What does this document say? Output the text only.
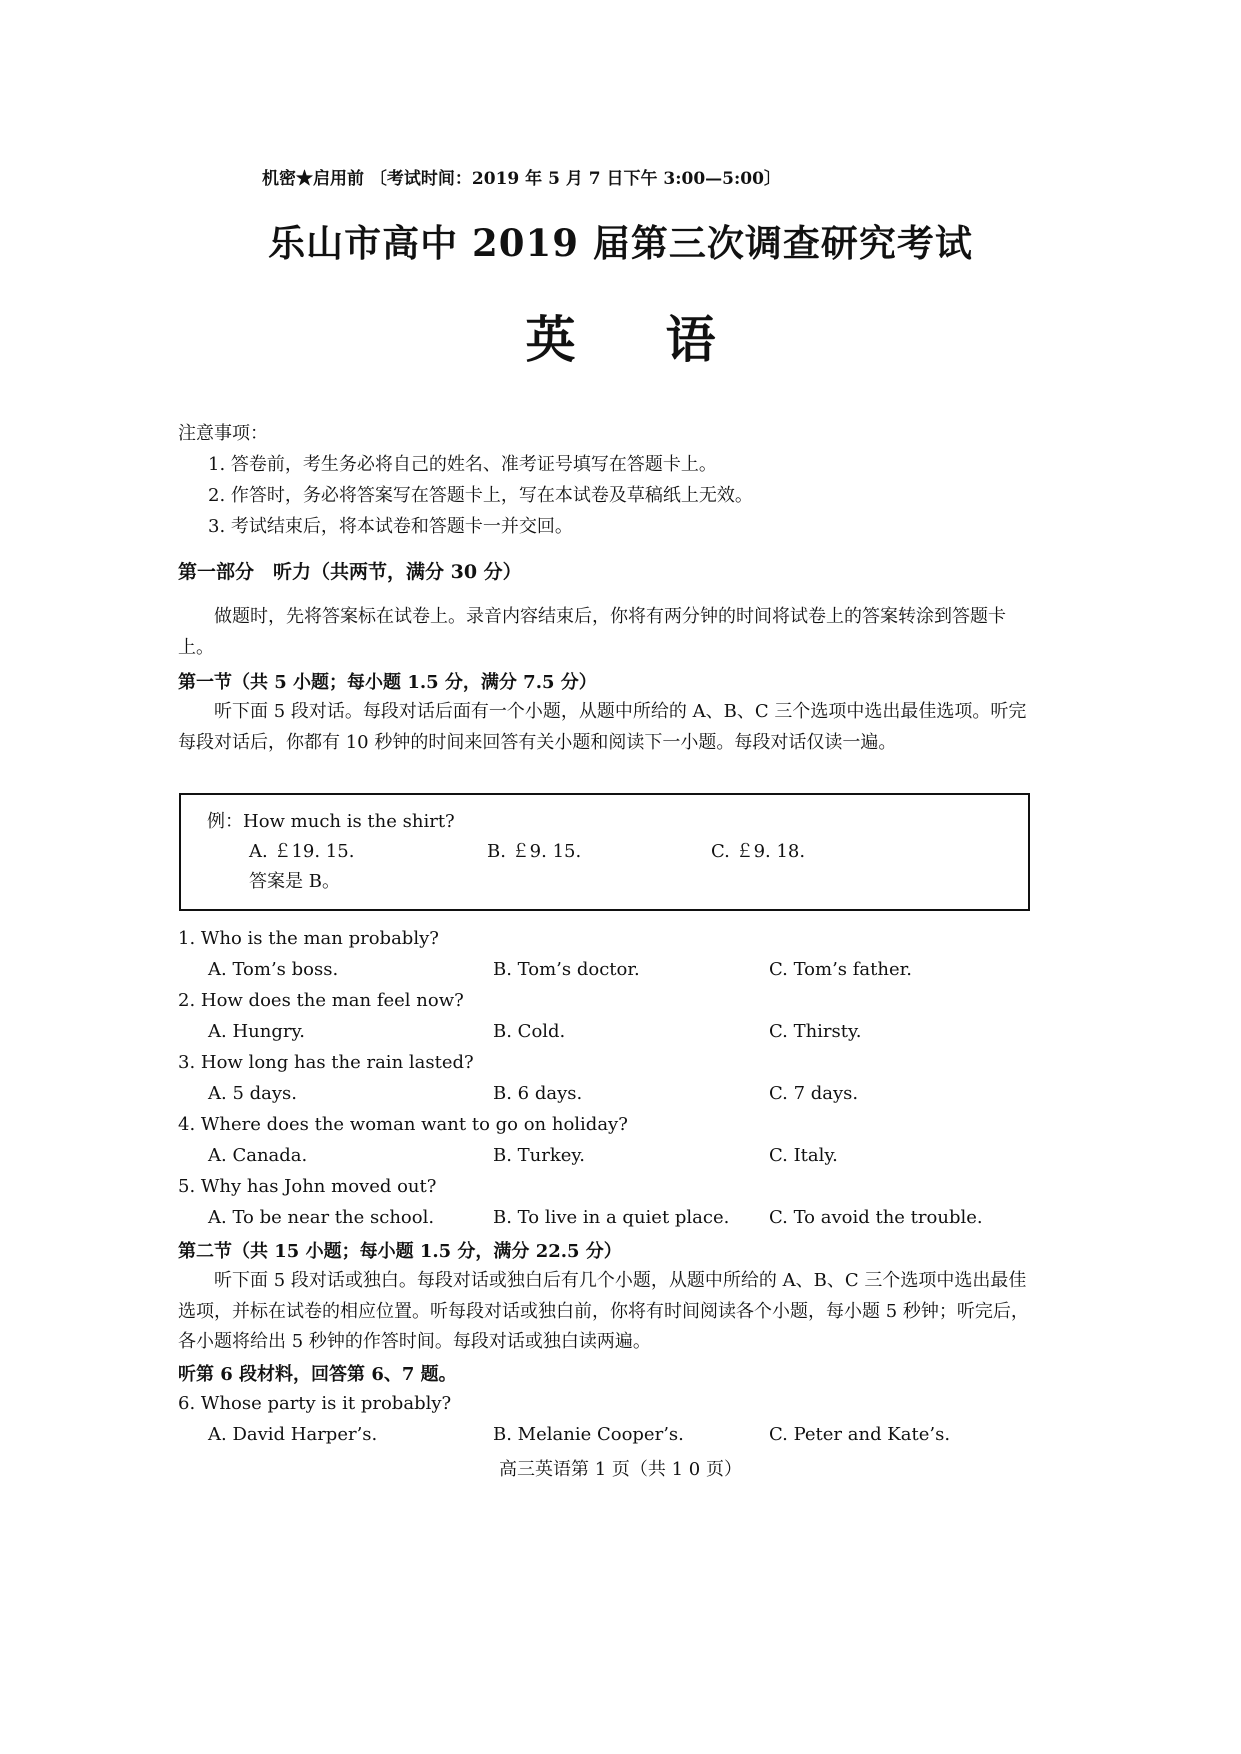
机密★启用前 〔考试时间：2019 年 5 月 7 日下午 3:00—5:00〕
乐山市高中 2019 届第三次调查研究考试
英语
注意事项：
1. 答卷前，考生务必将自己的姓名、准考证号填写在答题卡上。
2. 作答时，务必将答案写在答题卡上，写在本试卷及草稿纸上无效。
3. 考试结束后，将本试卷和答题卡一并交回。
第一部分　听力（共两节，满分 30 分）
做题时，先将答案标在试卷上。录音内容结束后，你将有两分钟的时间将试卷上的答案转涂到答题卡上。
第一节（共 5 小题；每小题 1.5 分，满分 7.5 分）
听下面 5 段对话。每段对话后面有一个小题，从题中所给的 A、B、C 三个选项中选出最佳选项。听完每段对话后，你都有 10 秒钟的时间来回答有关小题和阅读下一小题。每段对话仅读一遍。
例：How much is the shirt?
A. ￡19. 15.	B. ￡9. 15.	C. ￡9. 18.
答案是 B。
1. Who is the man probably?
A. Tom’s boss.	B. Tom’s doctor.	C. Tom’s father.
2. How does the man feel now?
A. Hungry.	B. Cold.	C. Thirsty.
3. How long has the rain lasted?
A. 5 days.	B. 6 days.	C. 7 days.
4. Where does the woman want to go on holiday?
A. Canada.	B. Turkey.	C. Italy.
5. Why has John moved out?
A. To be near the school.	B. To live in a quiet place. C. To avoid the trouble.
第二节（共 15 小题；每小题 1.5 分，满分 22.5 分）
听下面 5 段对话或独白。每段对话或独白后有几个小题，从题中所给的 A、B、C 三个选项中选出最佳选项，并标在试卷的相应位置。听每段对话或独白前，你将有时间阅读各个小题，每小题 5 秒钟；听完后，各小题将给出 5 秒钟的作答时间。每段对话或独白读两遍。
听第 6 段材料，回答第 6、7 题。
6. Whose party is it probably?
A. David Harper’s.	B. Melanie Cooper’s.	C. Peter and Kate’s.
高三英语第 1 页（共 1 0 页）
